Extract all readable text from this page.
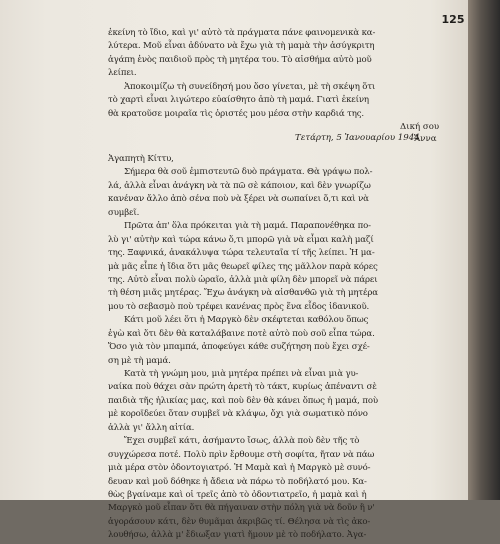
125
ἐκείνη τὸ ἴδιο, καὶ γι' αὐτὸ τὰ πράγματα πάνε φαινομενικὰ κα-
λύτερα. Μοῦ εἶναι ἀδύνατο νὰ ἔχω γιὰ τὴ μαμὰ τὴν ἀσύγκριτη
ἀγάπη ἑνὸς παιδιοῦ πρὸς τὴ μητέρα του. Τὸ αἰσθήμα αὐτὸ μοῦ
λείπει.
Ἀποκοιμίζω τὴ συνείδησή μου ὅσο γίνεται, μὲ τὴ σκέψη ὅτι
τὸ χαρτὶ εἶναι λιγώτερο εὐαίσθητο ἀπὸ τὴ μαμά. Γιατὶ ἐκείνη
θὰ κρατοῦσε μοιραῖα τὶς ὁριστές μου μέσα στὴν καρδιά της.
Δική σου
Ἄννα
Τετάρτη, 5 Ἰανουαρίου 1944
Ἀγαπητὴ Κίττυ,
Σήμερα θὰ σοῦ ἐμπιστευτῶ δυὸ πράγματα. Θὰ γράψω πολ-
λά, ἀλλὰ εἶναι ἀνάγκη νὰ τὰ πῶ σὲ κάποιον, καὶ δὲν γνωρίζω
κανέναν ἄλλο ἀπὸ σένα ποὺ νὰ ξέρει νὰ σωπαίνει ὅ,τι καὶ νὰ
συμβεῖ.
Πρῶτα ἀπ' ὅλα πρόκειται γιὰ τὴ μαμά. Παραπονέθηκα πο-
λὺ γι' αὐτὴν καὶ τώρα κάνω ὅ,τι μπορῶ γιὰ νὰ εἶμαι καλὴ μαζί
της. Ξαφνικά, ἀνακάλυψα τώρα τελευταῖα τί τῆς λείπει. Ἡ μα-
μὰ μᾶς εἶπε ἡ ἴδια ὅτι μᾶς θεωρεῖ φίλες της μᾶλλον παρὰ κόρες
της. Αὐτὸ εἶναι πολὺ ὡραῖο, ἀλλὰ μιὰ φίλη δὲν μπορεῖ νὰ πάρει
τὴ θέση μιᾶς μητέρας. Ἔχω ἀνάγκη νὰ αἰσθανθῶ γιὰ τὴ μητέρα
μου τὸ σεβασμὸ ποὺ τρέφει κανένας πρὸς ἕνα εἶδος ἰδανικοῦ.
Κάτι μοῦ λέει ὅτι ἡ Μαργκὸ δὲν σκέφτεται καθόλου ὅπως
ἐγὼ καὶ ὅτι δὲν θὰ καταλάβαινε ποτὲ αὐτὸ ποὺ σοῦ εἶπα τώρα.
Ὅσο γιὰ τὸν μπαμπά, ἀποφεύγει κάθε συζήτηση ποὺ ἔχει σχέ-
ση μὲ τὴ μαμά.
Κατὰ τὴ γνώμη μου, μιὰ μητέρα πρέπει νὰ εἶναι μιὰ γυ-
ναίκα ποὺ θάχει σὰν πρώτη ἀρετὴ τὸ τάκτ, κυρίως ἀπέναντι σὲ
παιδιὰ τῆς ἡλικίας μας, καὶ ποὺ δὲν θὰ κάνει ὅπως ἡ μαμά, ποὺ
μὲ κοροϊδεύει ὅταν συμβεῖ νὰ κλάψω, ὄχι γιὰ σωματικὸ πόνο
ἀλλὰ γι' ἄλλη αἰτία.
Ἔχει συμβεῖ κάτι, ἀσήμαντο ἴσως, ἀλλὰ ποὺ δὲν τῆς τὸ
συγχώρεσα ποτέ. Πολὺ πρὶν ἔρθουμε στὴ σοφίτα, ἤταν νὰ πάω
μιὰ μέρα στὸν ὀδοντογιατρό. Ἡ Μαμὰ καὶ ἡ Μαργκὸ μὲ συνό-
δευαν καὶ μοῦ δόθηκε ἡ ἄδεια νὰ πάρω τὸ ποδήλατό μου. Κα-
θὼς βγαίναμε καὶ οἱ τρεῖς ἀπὸ τὸ ὀδοντιατρεῖο, ἡ μαμὰ καὶ ἡ
Μαργκὸ μοῦ εἶπαν ὅτι θὰ πήγαιναν στὴν πόλη γιὰ νὰ δοῦν ἢ ν'
ἀγοράσουν κάτι, δὲν θυμᾶμαι ἀκριβῶς τί. Θέλησα νὰ τὶς ἀκο-
λουθήσω, ἀλλὰ μ' ἔδιωξαν γιατὶ ἤμουν μὲ τὸ ποδήλατο. Ἀγα-
